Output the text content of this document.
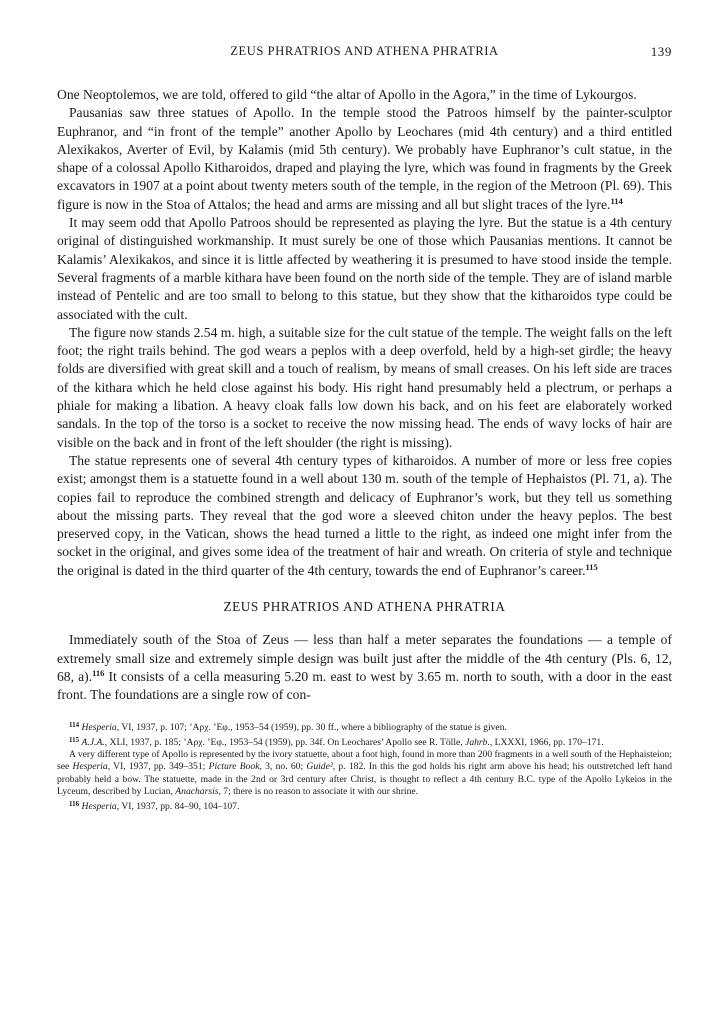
ZEUS PHRATRIOS AND ATHENA PHRATRIA	139

One Neoptolemos, we are told, offered to gild “the altar of Apollo in the Agora,” in the time of Lykourgos.

Pausanias saw three statues of Apollo. In the temple stood the Patroos himself by the painter-sculptor Euphranor, and “in front of the temple” another Apollo by Leochares (mid 4th century) and a third entitled Alexikakos, Averter of Evil, by Kalamis (mid 5th century). We probably have Euphranor’s cult statue, in the shape of a colossal Apollo Kitharoidos, draped and playing the lyre, which was found in fragments by the Greek excavators in 1907 at a point about twenty meters south of the temple, in the region of the Metroon (Pl. 69). This figure is now in the Stoa of Attalos; the head and arms are missing and all but slight traces of the lyre.$^{114}$

It may seem odd that Apollo Patroos should be represented as playing the lyre. But the statue is a 4th century original of distinguished workmanship. It must surely be one of those which Pausanias mentions. It cannot be Kalamis’ Alexikakos, and since it is little affected by weathering it is presumed to have stood inside the temple. Several fragments of a marble kithara have been found on the north side of the temple. They are of island marble instead of Pentelic and are too small to belong to this statue, but they show that the kitharoidos type could be associated with the cult.

The figure now stands 2.54 m. high, a suitable size for the cult statue of the temple. The weight falls on the left foot; the right trails behind. The god wears a peplos with a deep overfold, held by a high-set girdle; the heavy folds are diversified with great skill and a touch of realism, by means of small creases. On his left side are traces of the kithara which he held close against his body. His right hand presumably held a plectrum, or perhaps a phiale for making a libation. A heavy cloak falls low down his back, and on his feet are elaborately worked sandals. In the top of the torso is a socket to receive the now missing head. The ends of wavy locks of hair are visible on the back and in front of the left shoulder (the right is missing).

The statue represents one of several 4th century types of kitharoidos. A number of more or less free copies exist; amongst them is a statuette found in a well about 130 m. south of the temple of Hephaistos (Pl. 71, a). The copies fail to reproduce the combined strength and delicacy of Euphranor’s work, but they tell us something about the missing parts. They reveal that the god wore a sleeved chiton under the heavy peplos. The best preserved copy, in the Vatican, shows the head turned a little to the right, as indeed one might infer from the socket in the original, and gives some idea of the treatment of hair and wreath. On criteria of style and technique the original is dated in the third quarter of the 4th century, towards the end of Euphranor’s career.$^{115}$

ZEUS PHRATRIOS AND ATHENA PHRATRIA

Immediately south of the Stoa of Zeus — less than half a meter separates the foundations — a temple of extremely small size and extremely simple design was built just after the middle of the 4th century (Pls. 6, 12, 68, a).$^{116}$ It consists of a cella measuring 5.20 m. east to west by 3.65 m. north to south, with a door in the east front. The foundations are a single row of con-

$^{114}$ Hesperia, VI, 1937, p. 107; ’Αρχ. ’Εφ., 1953–54 (1959), pp. 30 ff., where a bibliography of the statue is given.

$^{115}$ A.J.A., XLI, 1937, p. 185; ’Αρχ. ’Εφ., 1953–54 (1959), pp. 34f. On Leochares’ Apollo see R. Tölle, Jahrb., LXXXI, 1966, pp. 170–171.

A very different type of Apollo is represented by the ivory statuette, about a foot high, found in more than 200 fragments in a well south of the Hephaisteion; see Hesperia, VI, 1937, pp. 349–351; Picture Book, 3, no. 60; Guide², p. 182. In this the god holds his right arm above his head; his outstretched left hand probably held a bow. The statuette, made in the 2nd or 3rd century after Christ, is thought to reflect a 4th century B.C. type of the Apollo Lykeios in the Lyceum, described by Lucian, Anacharsis, 7; there is no reason to associate it with our shrine.

$^{116}$ Hesperia, VI, 1937, pp. 84–90, 104–107.
